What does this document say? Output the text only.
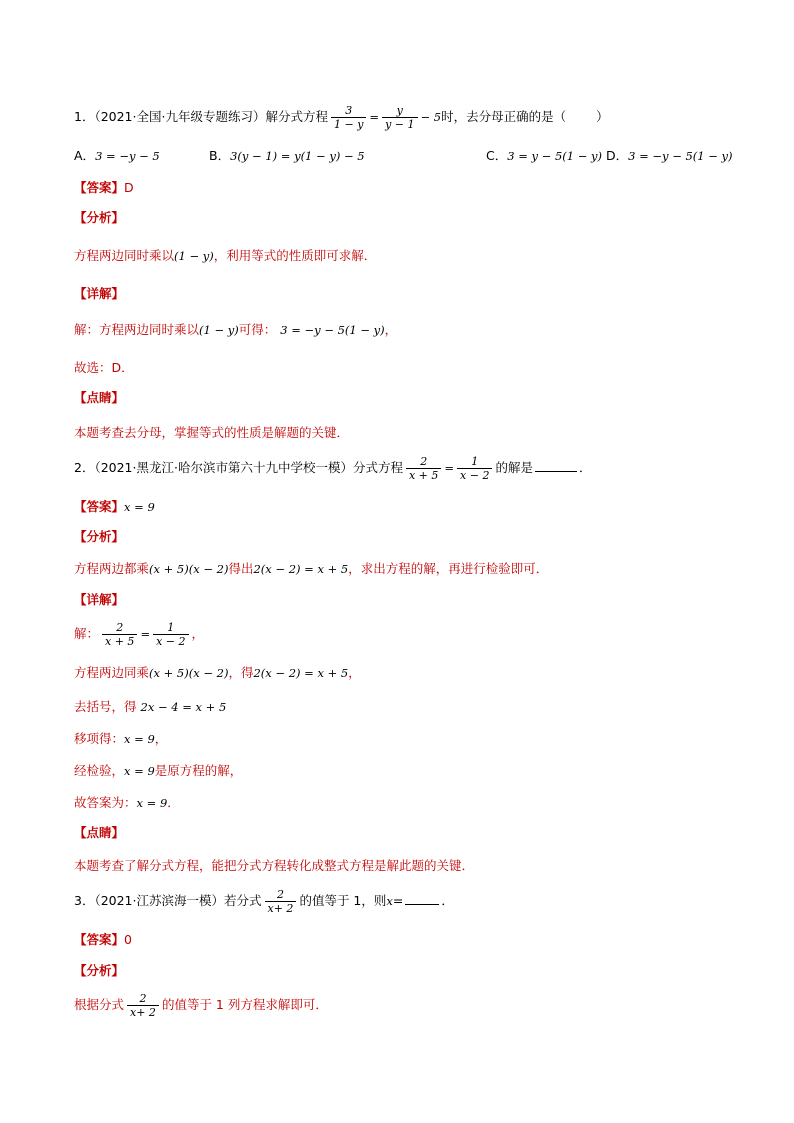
1．（2021·全国·九年级专题练习）解分式方程 $\frac{3}{1 - y} = \frac{y}{y - 1} - 5$时，去分母正确的是（ ）
A．3 = −y − 5	B．3(y − 1) = y(1 − y) − 5	C．3 = y − 5(1 − y) D．3 = −y − 5(1 − y)
【答案】D
【分析】
方程两边同时乘以(1 − y)，利用等式的性质即可求解．
【详解】
解：方程两边同时乘以(1 − y)可得： 3 = −y − 5(1 − y)，
故选：D．
【点睛】
本题考查去分母，掌握等式的性质是解题的关键．
2．（2021·黑龙江·哈尔滨市第六十九中学校一模）分式方程 $\frac{2}{x + 5} = \frac{1}{x - 2}$ 的解是	．
【答案】x = 9
【分析】
方程两边都乘(x + 5)(x − 2)得出2(x − 2) = x + 5，求出方程的解，再进行检验即可．
【详解】
解： $\frac{2}{x + 5} = \frac{1}{x - 2}$ ，
方程两边同乘(x + 5)(x − 2)，得2(x − 2) = x + 5，
去括号，得 2x − 4 = x + 5
移项得：x = 9，
经检验，x = 9是原方程的解，
故答案为：x = 9．
【点睛】
本题考查了解分式方程，能把分式方程转化成整式方程是解此题的关键．
3．（2021·江苏滨海一模）若分式 $\frac{2}{x+ 2}$ 的值等于 1，则x=	．
【答案】0
【分析】
根据分式 $\frac{2}{x+ 2}$ 的值等于 1 列方程求解即可．
